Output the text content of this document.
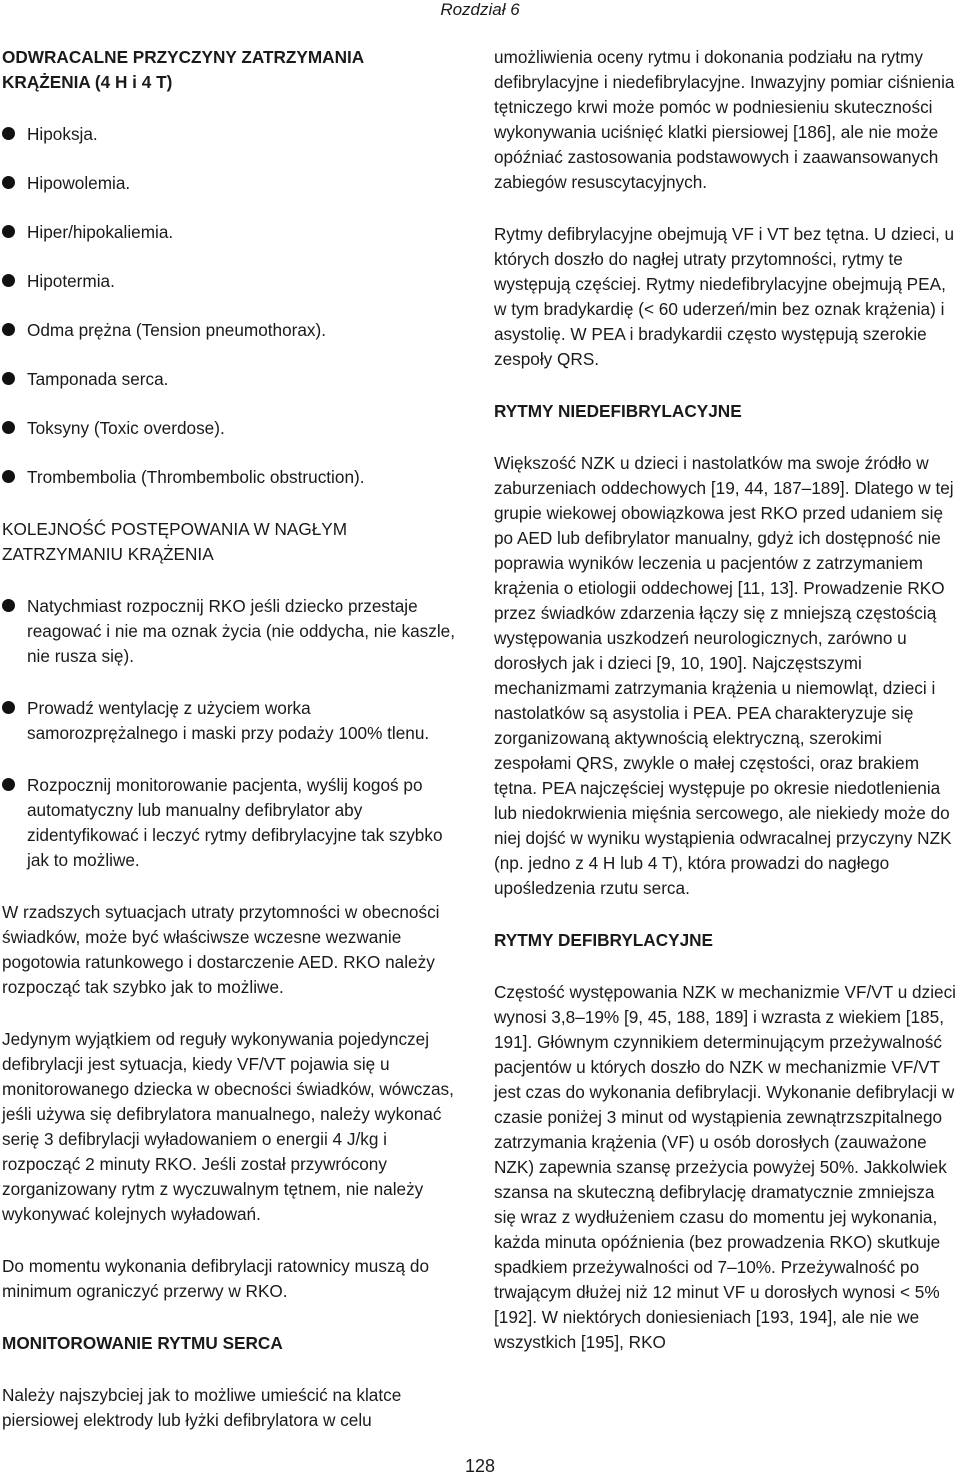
Rozdział 6

ODWRACALNE PRZYCZYNY ZATRZYMANIA KRĄŻENIA (4 H i 4 T)

Hipoksja.

Hipowolemia.

Hiper/hipokaliemia.

Hipotermia.

Odma prężna (Tension pneumothorax).

Tamponada serca.

Toksyny (Toxic overdose).

Trombembolia (Thrombembolic obstruction).

KOLEJNOŚĆ POSTĘPOWANIA W NAGŁYM ZATRZYMANIU KRĄŻENIA

Natychmiast rozpocznij RKO jeśli dziecko przestaje reagować i nie ma oznak życia (nie oddycha, nie kaszle, nie rusza się).

Prowadź wentylację z użyciem worka samorozprężalnego i maski przy podaży 100% tlenu.

Rozpocznij monitorowanie pacjenta, wyślij kogoś po automatyczny lub manualny defibrylator aby zidentyfikować i leczyć rytmy defibrylacyjne tak szybko jak to możliwe.

W rzadszych sytuacjach utraty przytomności w obecności świadków, może być właściwsze wczesne wezwanie pogotowia ratunkowego i dostarczenie AED. RKO należy rozpocząć tak szybko jak to możliwe.

Jedynym wyjątkiem od reguły wykonywania pojedynczej defibrylacji jest sytuacja, kiedy VF/VT pojawia się u monitorowanego dziecka w obecności świadków, wówczas, jeśli używa się defibrylatora manualnego, należy wykonać serię 3 defibrylacji wyładowaniem o energii 4 J/kg i rozpocząć 2 minuty RKO. Jeśli został przywrócony zorganizowany rytm z wyczuwalnym tętnem, nie należy wykonywać kolejnych wyładowań.

Do momentu wykonania defibrylacji ratownicy muszą do minimum ograniczyć przerwy w RKO.

MONITOROWANIE RYTMU SERCA

Należy najszybciej jak to możliwe umieścić na klatce piersiowej elektrody lub łyżki defibrylatora w celu

umożliwienia oceny rytmu i dokonania podziału na rytmy defibrylacyjne i niedefibrylacyjne. Inwazyjny pomiar ciśnienia tętniczego krwi może pomóc w podniesieniu skuteczności wykonywania uciśnięć klatki piersiowej [186], ale nie może opóźniać zastosowania podstawowych i zaawansowanych zabiegów resuscytacyjnych.

Rytmy defibrylacyjne obejmują VF i VT bez tętna. U dzieci, u których doszło do nagłej utraty przytomności, rytmy te występują częściej. Rytmy niedefibrylacyjne obejmują PEA, w tym bradykardię (< 60 uderzeń/min bez oznak krążenia) i asystolię. W PEA i bradykardii często występują szerokie zespoły QRS.

RYTMY NIEDEFIBRYLACYJNE

Większość NZK u dzieci i nastolatków ma swoje źródło w zaburzeniach oddechowych [19, 44, 187–189]. Dlatego w tej grupie wiekowej obowiązkowa jest RKO przed udaniem się po AED lub defibrylator manualny, gdyż ich dostępność nie poprawia wyników leczenia u pacjentów z zatrzymaniem krążenia o etiologii oddechowej [11, 13]. Prowadzenie RKO przez świadków zdarzenia łączy się z mniejszą częstością występowania uszkodzeń neurologicznych, zarówno u dorosłych jak i dzieci [9, 10, 190]. Najczęstszymi mechanizmami zatrzymania krążenia u niemowląt, dzieci i nastolatków są asystolia i PEA. PEA charakteryzuje się zorganizowaną aktywnością elektryczną, szerokimi zespołami QRS, zwykle o małej częstości, oraz brakiem tętna. PEA najczęściej występuje po okresie niedotlenienia lub niedokrwienia mięśnia sercowego, ale niekiedy może do niej dojść w wyniku wystąpienia odwracalnej przyczyny NZK (np. jedno z 4 H lub 4 T), która prowadzi do nagłego upośledzenia rzutu serca.

RYTMY DEFIBRYLACYJNE

Częstość występowania NZK w mechanizmie VF/VT u dzieci wynosi 3,8–19% [9, 45, 188, 189] i wzrasta z wiekiem [185, 191]. Głównym czynnikiem determinującym przeżywalność pacjentów u których doszło do NZK w mechanizmie VF/VT jest czas do wykonania defibrylacji. Wykonanie defibrylacji w czasie poniżej 3 minut od wystąpienia zewnątrzszpitalnego zatrzymania krążenia (VF) u osób dorosłych (zauważone NZK) zapewnia szansę przeżycia powyżej 50%. Jakkolwiek szansa na skuteczną defibrylację dramatycznie zmniejsza się wraz z wydłużeniem czasu do momentu jej wykonania, każda minuta opóźnienia (bez prowadzenia RKO) skutkuje spadkiem przeżywalności od 7–10%. Przeżywalność po trwającym dłużej niż 12 minut VF u dorosłych wynosi < 5% [192]. W niektórych doniesieniach [193, 194], ale nie we wszystkich [195], RKO

128
